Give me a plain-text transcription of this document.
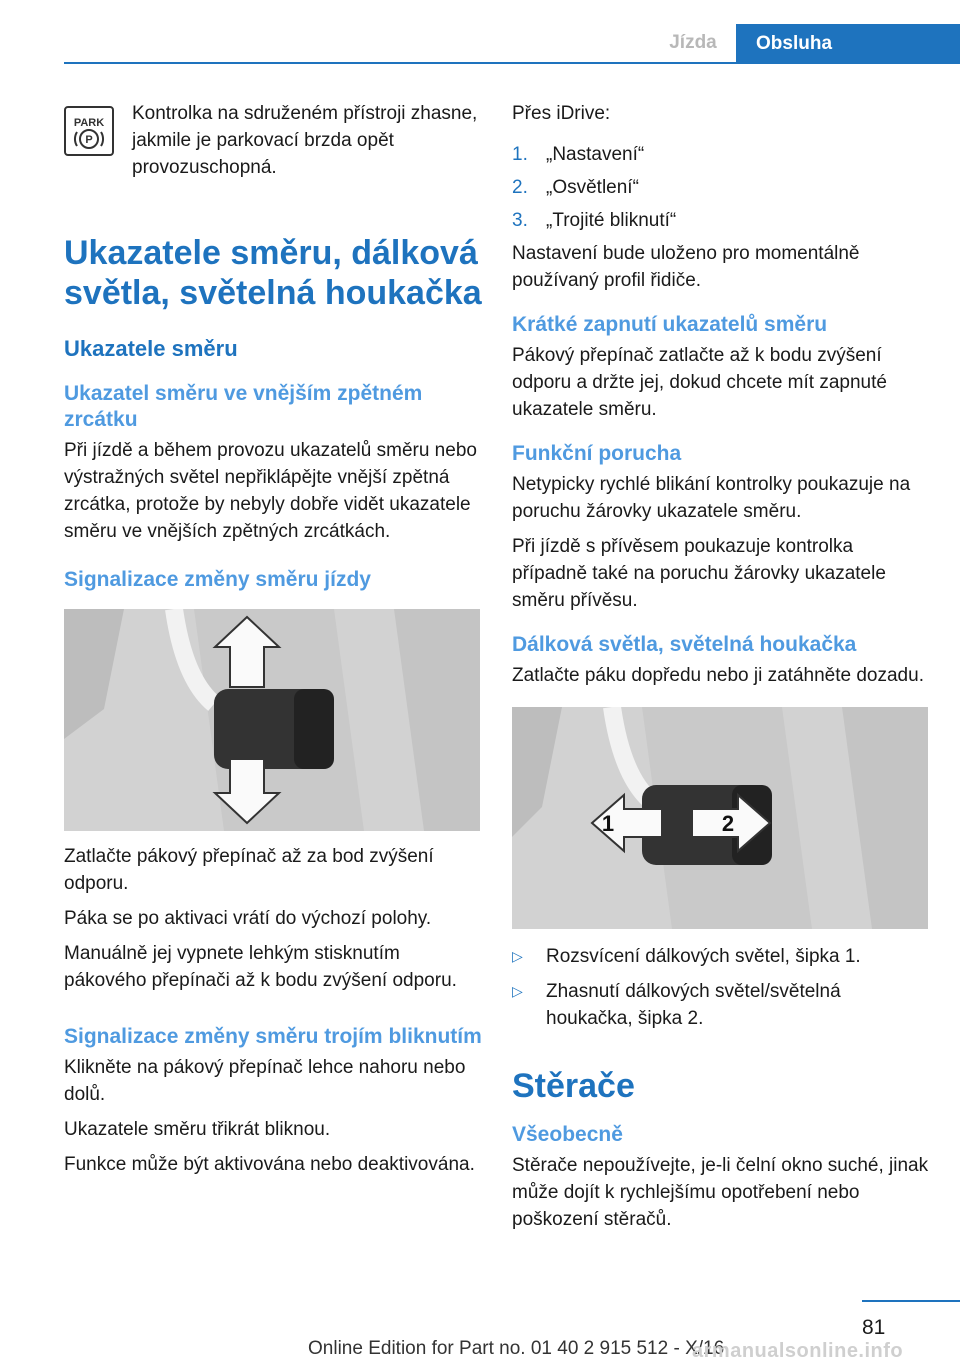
Jízda	Obsluha
PARK
P

Kontrolka na sdruženém přístroji zhasne, jakmile je parkovací brzda opět provozuschopná.

Ukazatele směru, dálková světla, světelná houkačka
Ukazatele směru
Ukazatel směru ve vnějším zpětném zrcátku

Při jízdě a během provozu ukazatelů směru nebo výstražných světel nepřiklápějte vnější zpětná zrcátka, protože by nebyly dobře vidět ukazatele směru ve vnějších zpětných zrcátkách.

Signalizace změny směru jízdy

Zatlačte pákový přepínač až za bod zvýšení odporu.

Páka se po aktivaci vrátí do výchozí polohy.

Manuálně jej vypnete lehkým stisknutím pákového přepínači až k bodu zvýšení odporu.

Signalizace změny směru trojím bliknutím

Klikněte na pákový přepínač lehce nahoru nebo dolů.

Ukazatele směru třikrát bliknou.

Funkce může být aktivována nebo deaktivována.

Přes iDrive:

1. „Nastavení“
2. „Osvětlení“
3. „Trojité bliknutí“

Nastavení bude uloženo pro momentálně používaný profil řidiče.

Krátké zapnutí ukazatelů směru

Pákový přepínač zatlačte až k bodu zvýšení odporu a držte jej, dokud chcete mít zapnuté ukazatele směru.

Funkční porucha

Netypicky rychlé blikání kontrolky poukazuje na poruchu žárovky ukazatele směru.

Při jízdě s přívěsem poukazuje kontrolka případně také na poruchu žárovky ukazatele směru přívěsu.

Dálková světla, světelná houkačka

Zatlačte páku dopředu nebo ji zatáhněte dozadu.

1	2
▷	Rozsvícení dálkových světel, šipka 1.
▷	Zhasnutí dálkových světel/světelná houkačka, šipka 2.
Stěrače
Všeobecně

Stěrače nepoužívejte, je-li čelní okno suché, jinak může dojít k rychlejšímu opotřebení nebo poškození stěračů.

81
Online Edition for Part no. 01 40 2 915 512 - X/16
armanualsonline.info
